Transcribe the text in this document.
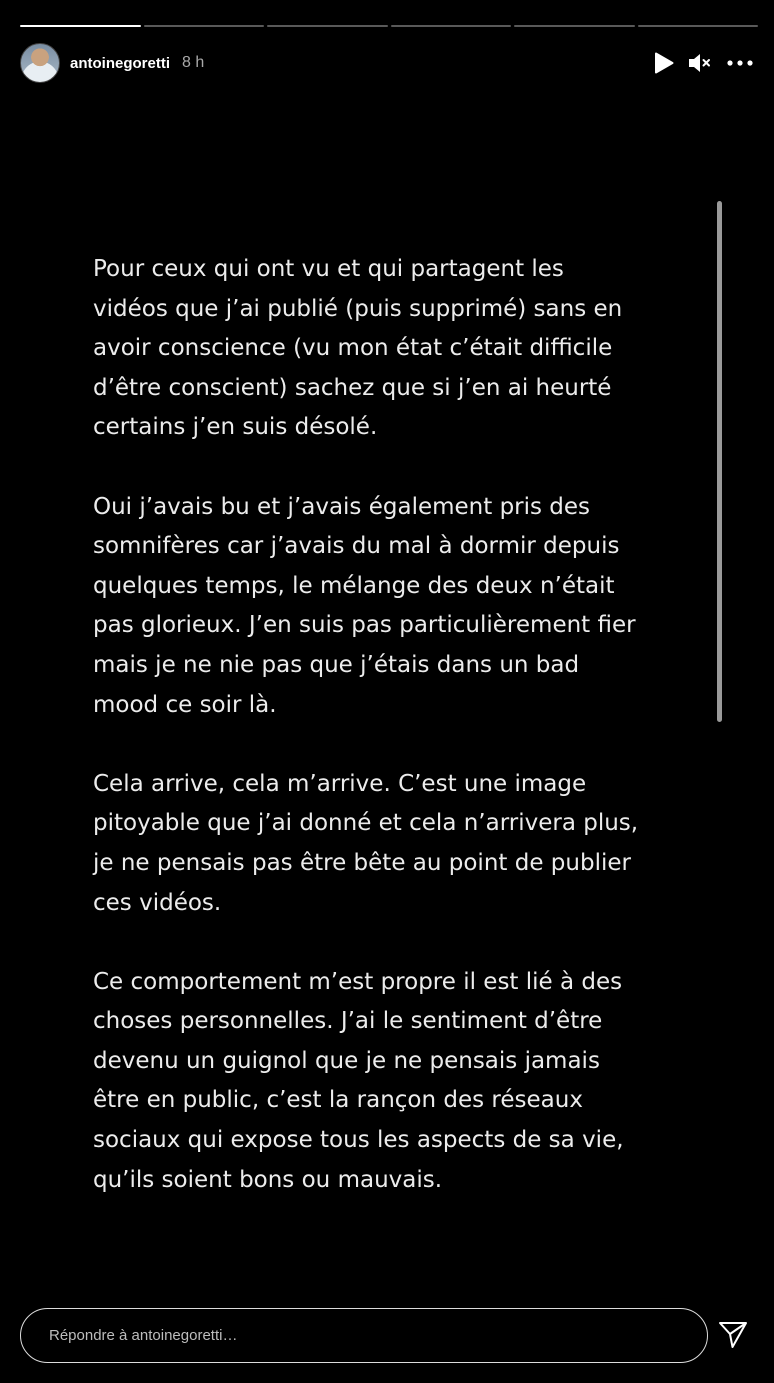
antoinegoretti 8 h

Pour ceux qui ont vu et qui partagent les
vidéos que j’ai publié (puis supprimé) sans en
avoir conscience (vu mon état c’était difficile
d’être conscient) sachez que si j’en ai heurté
certains j’en suis désolé.

Oui j’avais bu et j’avais également pris des
somnifères car j’avais du mal à dormir depuis
quelques temps, le mélange des deux n’était
pas glorieux. J’en suis pas particulièrement fier
mais je ne nie pas que j’étais dans un bad
mood ce soir là.

Cela arrive, cela m’arrive. C’est une image
pitoyable que j’ai donné et cela n’arrivera plus,
je ne pensais pas être bête au point de publier
ces vidéos.

Ce comportement m’est propre il est lié à des
choses personnelles. J’ai le sentiment d’être
devenu un guignol que je ne pensais jamais
être en public, c’est la rançon des réseaux
sociaux qui expose tous les aspects de sa vie,
qu’ils soient bons ou mauvais.

Répondre à antoinegoretti…
